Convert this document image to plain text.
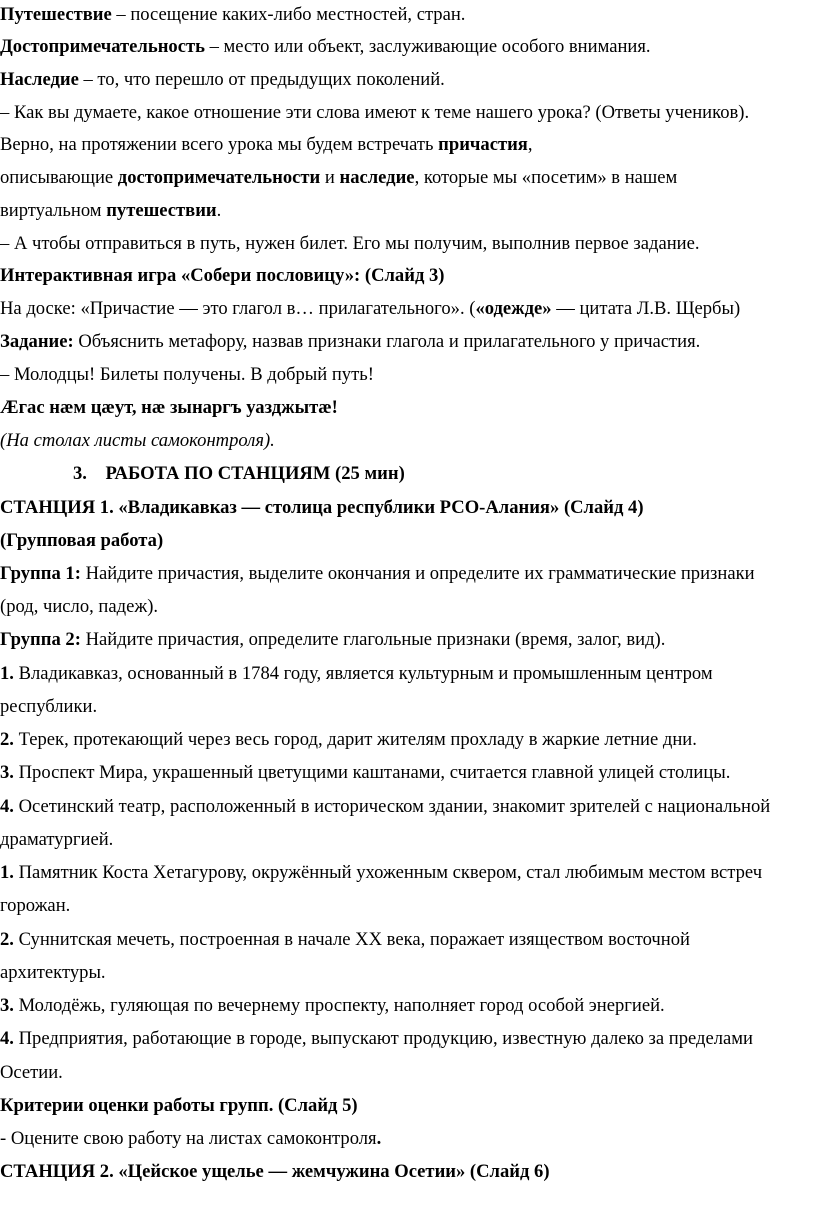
Путешествие – посещение каких-либо местностей, стран.
Достопримечательность – место или объект, заслуживающие особого внимания.
Наследие – то, что перешло от предыдущих поколений.
– Как вы думаете, какое отношение эти слова имеют к теме нашего урока? (Ответы учеников).
Верно, на протяжении всего урока мы будем встречать причастия,
описывающие достопримечательности и наследие, которые мы «посетим» в нашем
виртуальном путешествии.
– А чтобы отправиться в путь, нужен билет. Его мы получим, выполнив первое задание.
Интерактивная игра «Собери пословицу»: (Слайд 3)
На доске: «Причастие — это глагол в… прилагательного». («одежде» — цитата Л.В. Щербы)
Задание: Объяснить метафору, назвав признаки глагола и прилагательного у причастия.
– Молодцы! Билеты получены. В добрый путь!
Æгас нæм цæут, нæ зынаргъ уазджытæ!
(На столах листы самоконтроля).
3.    РАБОТА ПО СТАНЦИЯМ (25 мин)
СТАНЦИЯ 1. «Владикавказ — столица республики РСО-Алания» (Слайд 4)
(Групповая работа)
Группа 1: Найдите причастия, выделите окончания и определите их грамматические признаки
(род, число, падеж).
Группа 2: Найдите причастия, определите глагольные признаки (время, залог, вид).
1. Владикавказ, основанный в 1784 году, является культурным и промышленным центром
республики.
2. Терек, протекающий через весь город, дарит жителям прохладу в жаркие летние дни.
3. Проспект Мира, украшенный цветущими каштанами, считается главной улицей столицы.
4. Осетинский театр, расположенный в историческом здании, знакомит зрителей с национальной
драматургией.
1. Памятник Коста Хетагурову, окружённый ухоженным сквером, стал любимым местом встреч
горожан.
2. Суннитская мечеть, построенная в начале XX века, поражает изяществом восточной
архитектуры.
3. Молодёжь, гуляющая по вечернему проспекту, наполняет город особой энергией.
4. Предприятия, работающие в городе, выпускают продукцию, известную далеко за пределами
Осетии.
Критерии оценки работы групп. (Слайд 5)
- Оцените свою работу на листах самоконтроля.
СТАНЦИЯ 2. «Цейское ущелье — жемчужина Осетии» (Слайд 6)
